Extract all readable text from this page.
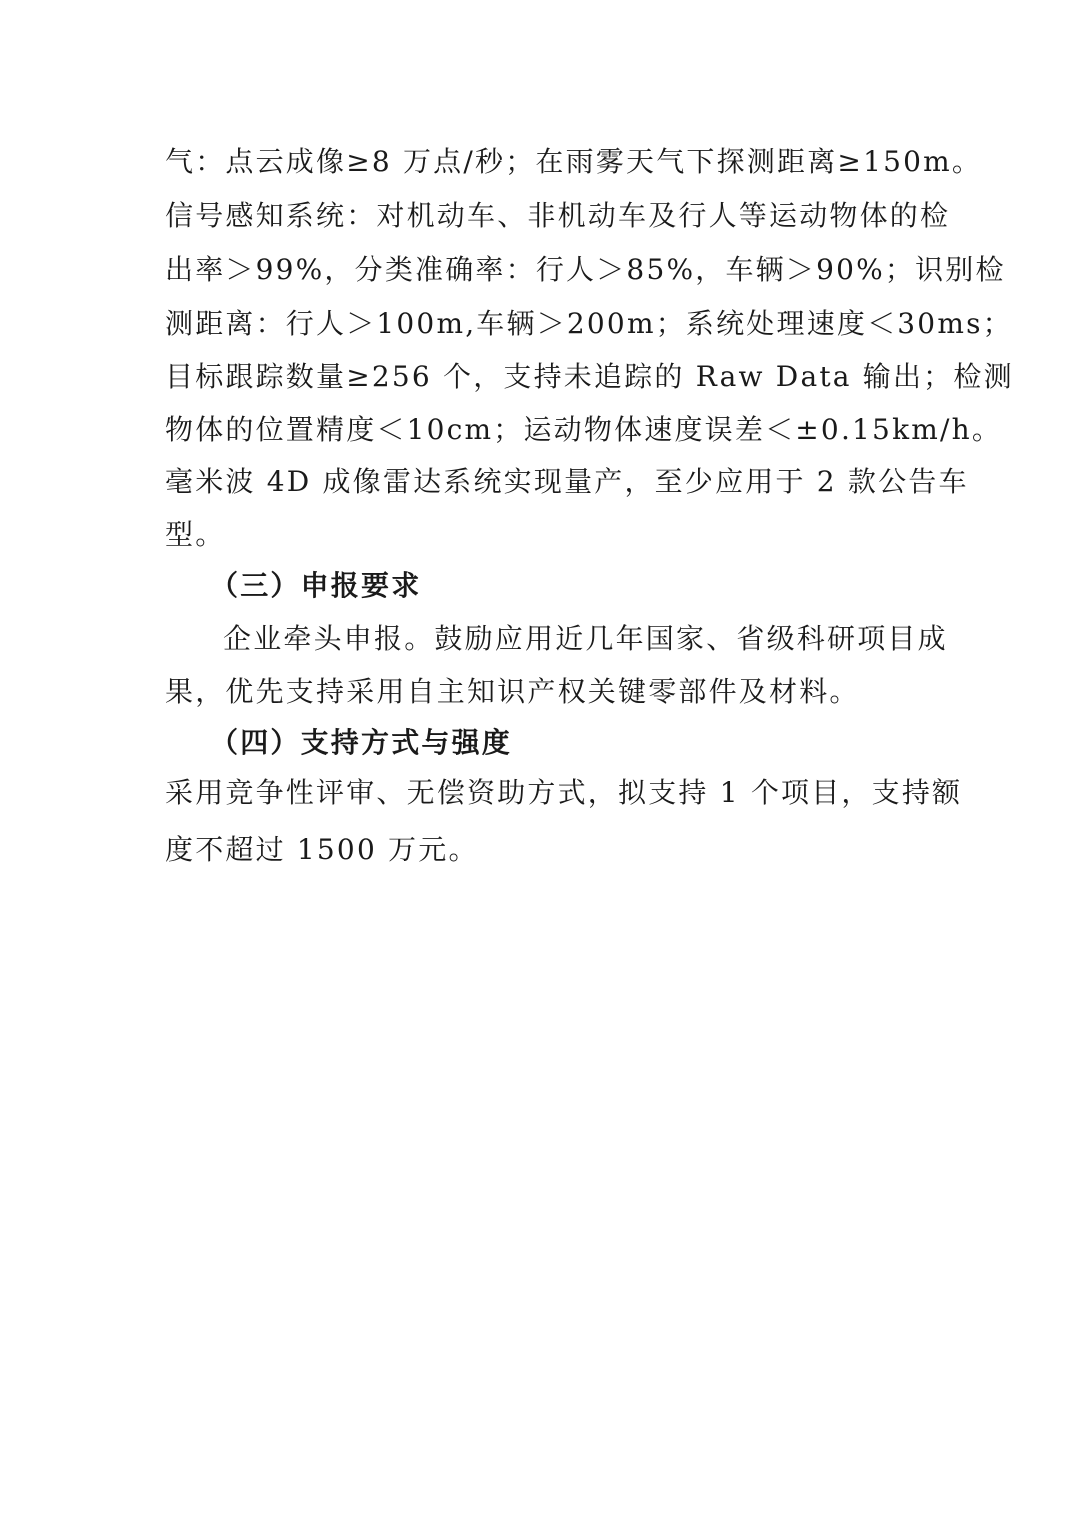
气：点云成像≥8 万点/秒；在雨雾天气下探测距离≥150m。
信号感知系统：对机动车、非机动车及行人等运动物体的检
出率＞99%，分类准确率：行人＞85%，车辆＞90%；识别检
测距离：行人＞100m,车辆＞200m；系统处理速度＜30ms；
目标跟踪数量≥256 个，支持未追踪的 Raw Data 输出；检测
物体的位置精度＜10cm；运动物体速度误差＜±0.15km/h。
毫米波 4D 成像雷达系统实现量产，至少应用于 2 款公告车
型。
（三）申报要求
企业牵头申报。鼓励应用近几年国家、省级科研项目成
果，优先支持采用自主知识产权关键零部件及材料。
（四）支持方式与强度
采用竞争性评审、无偿资助方式，拟支持 1 个项目，支持额
度不超过 1500 万元。
